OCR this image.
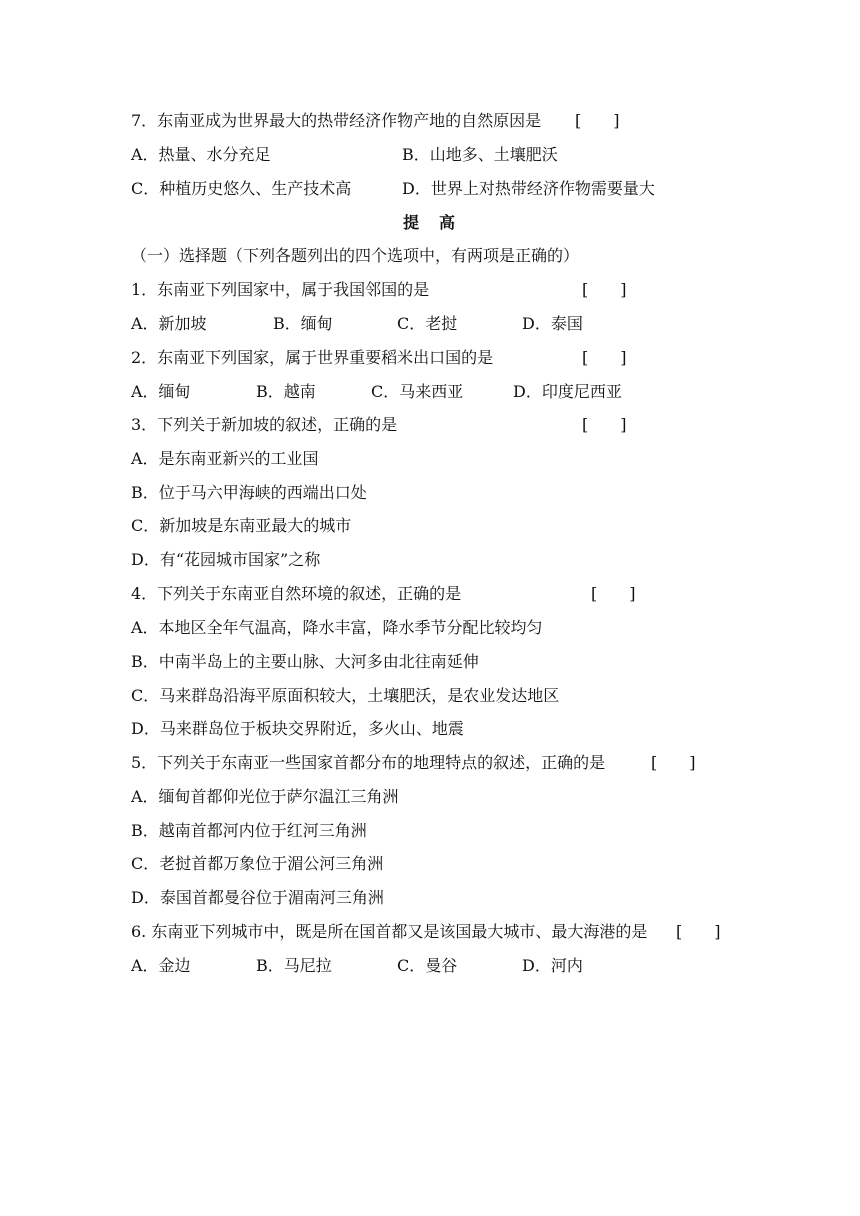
7．东南亚成为世界最大的热带经济作物产地的自然原因是 [　　]
A．热量、水分充足	B．山地多、土壤肥沃
C．种植历史悠久、生产技术高	D．世界上对热带经济作物需要量大
提　高
（一）选择题（下列各题列出的四个选项中，有两项是正确的）
1．东南亚下列国家中，属于我国邻国的是	[　　]
A．新加坡	B．缅甸	C．老挝	D．泰国
2．东南亚下列国家，属于世界重要稻米出口国的是	[　　]
A．缅甸	B．越南	C．马来西亚	D．印度尼西亚
3．下列关于新加坡的叙述，正确的是	[　　]
A．是东南亚新兴的工业国
B．位于马六甲海峡的西端出口处
C．新加坡是东南亚最大的城市
D．有“花园城市国家”之称
4．下列关于东南亚自然环境的叙述，正确的是	[　　]
A．本地区全年气温高，降水丰富，降水季节分配比较均匀
B．中南半岛上的主要山脉、大河多由北往南延伸
C．马来群岛沿海平原面积较大，土壤肥沃，是农业发达地区
D．马来群岛位于板块交界附近，多火山、地震
5．下列关于东南亚一些国家首都分布的地理特点的叙述，正确的是	[　　]
A．缅甸首都仰光位于萨尔温江三角洲
B．越南首都河内位于红河三角洲
C．老挝首都万象位于湄公河三角洲
D．泰国首都曼谷位于湄南河三角洲
6. 东南亚下列城市中，既是所在国首都又是该国最大城市、最大海港的是 [　　]
A．金边	B．马尼拉	C．曼谷	D．河内
